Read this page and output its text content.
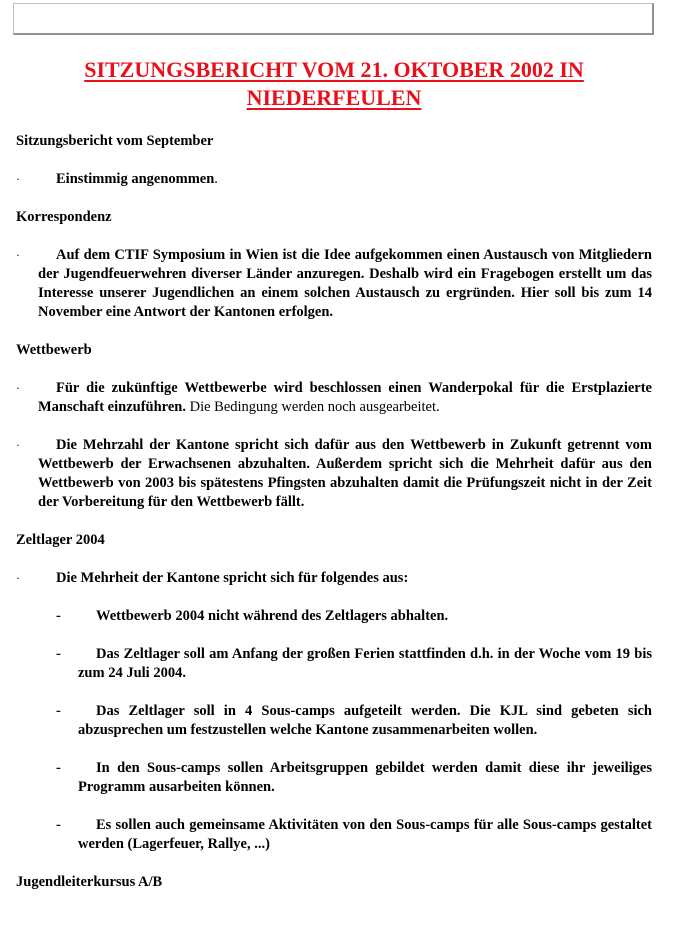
SITZUNGSBERICHT VOM 21. OKTOBER 2002 IN NIEDERFEULEN
Sitzungsbericht vom September
· Einstimmig angenommen.
Korrespondenz
· Auf dem CTIF Symposium in Wien ist die Idee aufgekommen einen Austausch von Mitgliedern der Jugendfeuerwehren diverser Länder anzuregen. Deshalb wird ein Fragebogen erstellt um das Interesse unserer Jugendlichen an einem solchen Austausch zu ergründen. Hier soll bis zum 14 November eine Antwort der Kantonen erfolgen.
Wettbewerb
· Für die zukünftige Wettbewerbe wird beschlossen einen Wanderpokal für die Erstplazierte Manschaft einzuführen. Die Bedingung werden noch ausgearbeitet.
· Die Mehrzahl der Kantone spricht sich dafür aus den Wettbewerb in Zukunft getrennt vom Wettbewerb der Erwachsenen abzuhalten. Außerdem spricht sich die Mehrheit dafür aus den Wettbewerb von 2003 bis spätestens Pfingsten abzuhalten damit die Prüfungszeit nicht in der Zeit der Vorbereitung für den Wettbewerb fällt.
Zeltlager 2004
· Die Mehrheit der Kantone spricht sich für folgendes aus:
- Wettbewerb 2004 nicht während des Zeltlagers abhalten.
- Das Zeltlager soll am Anfang der großen Ferien stattfinden d.h. in der Woche vom 19 bis zum 24 Juli 2004.
- Das Zeltlager soll in 4 Sous-camps aufgeteilt werden. Die KJL sind gebeten sich abzusprechen um festzustellen welche Kantone zusammenarbeiten wollen.
- In den Sous-camps sollen Arbeitsgruppen gebildet werden damit diese ihr jeweiliges Programm ausarbeiten können.
- Es sollen auch gemeinsame Aktivitäten von den Sous-camps für alle Sous-camps gestaltet werden (Lagerfeuer, Rallye, ...)
Jugendleiterkursus A/B
